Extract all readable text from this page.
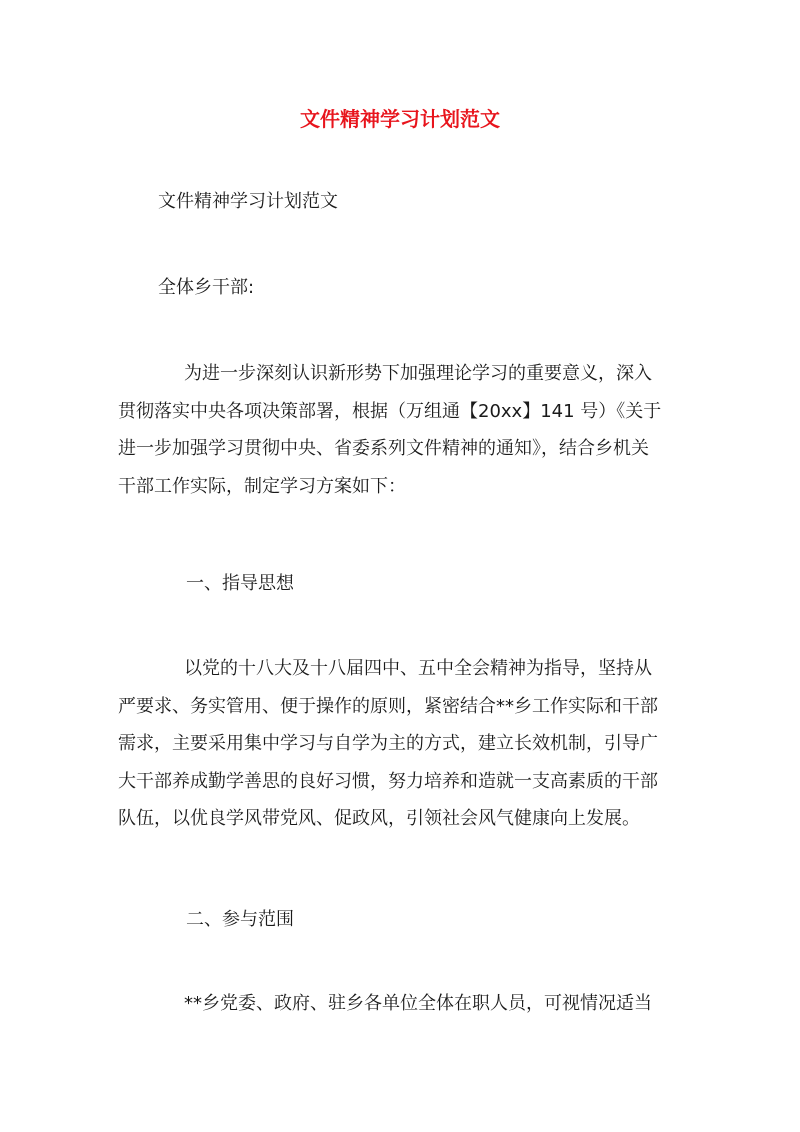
文件精神学习计划范文
文件精神学习计划范文
全体乡干部:
为进一步深刻认识新形势下加强理论学习的重要意义，深入
贯彻落实中央各项决策部署，根据（万组通【20xx】141 号）《关于
进一步加强学习贯彻中央、省委系列文件精神的通知》，结合乡机关
干部工作实际，制定学习方案如下：
一、指导思想
以党的十八大及十八届四中、五中全会精神为指导，坚持从
严要求、务实管用、便于操作的原则，紧密结合**乡工作实际和干部
需求，主要采用集中学习与自学为主的方式，建立长效机制，引导广
大干部养成勤学善思的良好习惯，努力培养和造就一支高素质的干部
队伍，以优良学风带党风、促政风，引领社会风气健康向上发展。
二、参与范围
**乡党委、政府、驻乡各单位全体在职人员，可视情况适当
